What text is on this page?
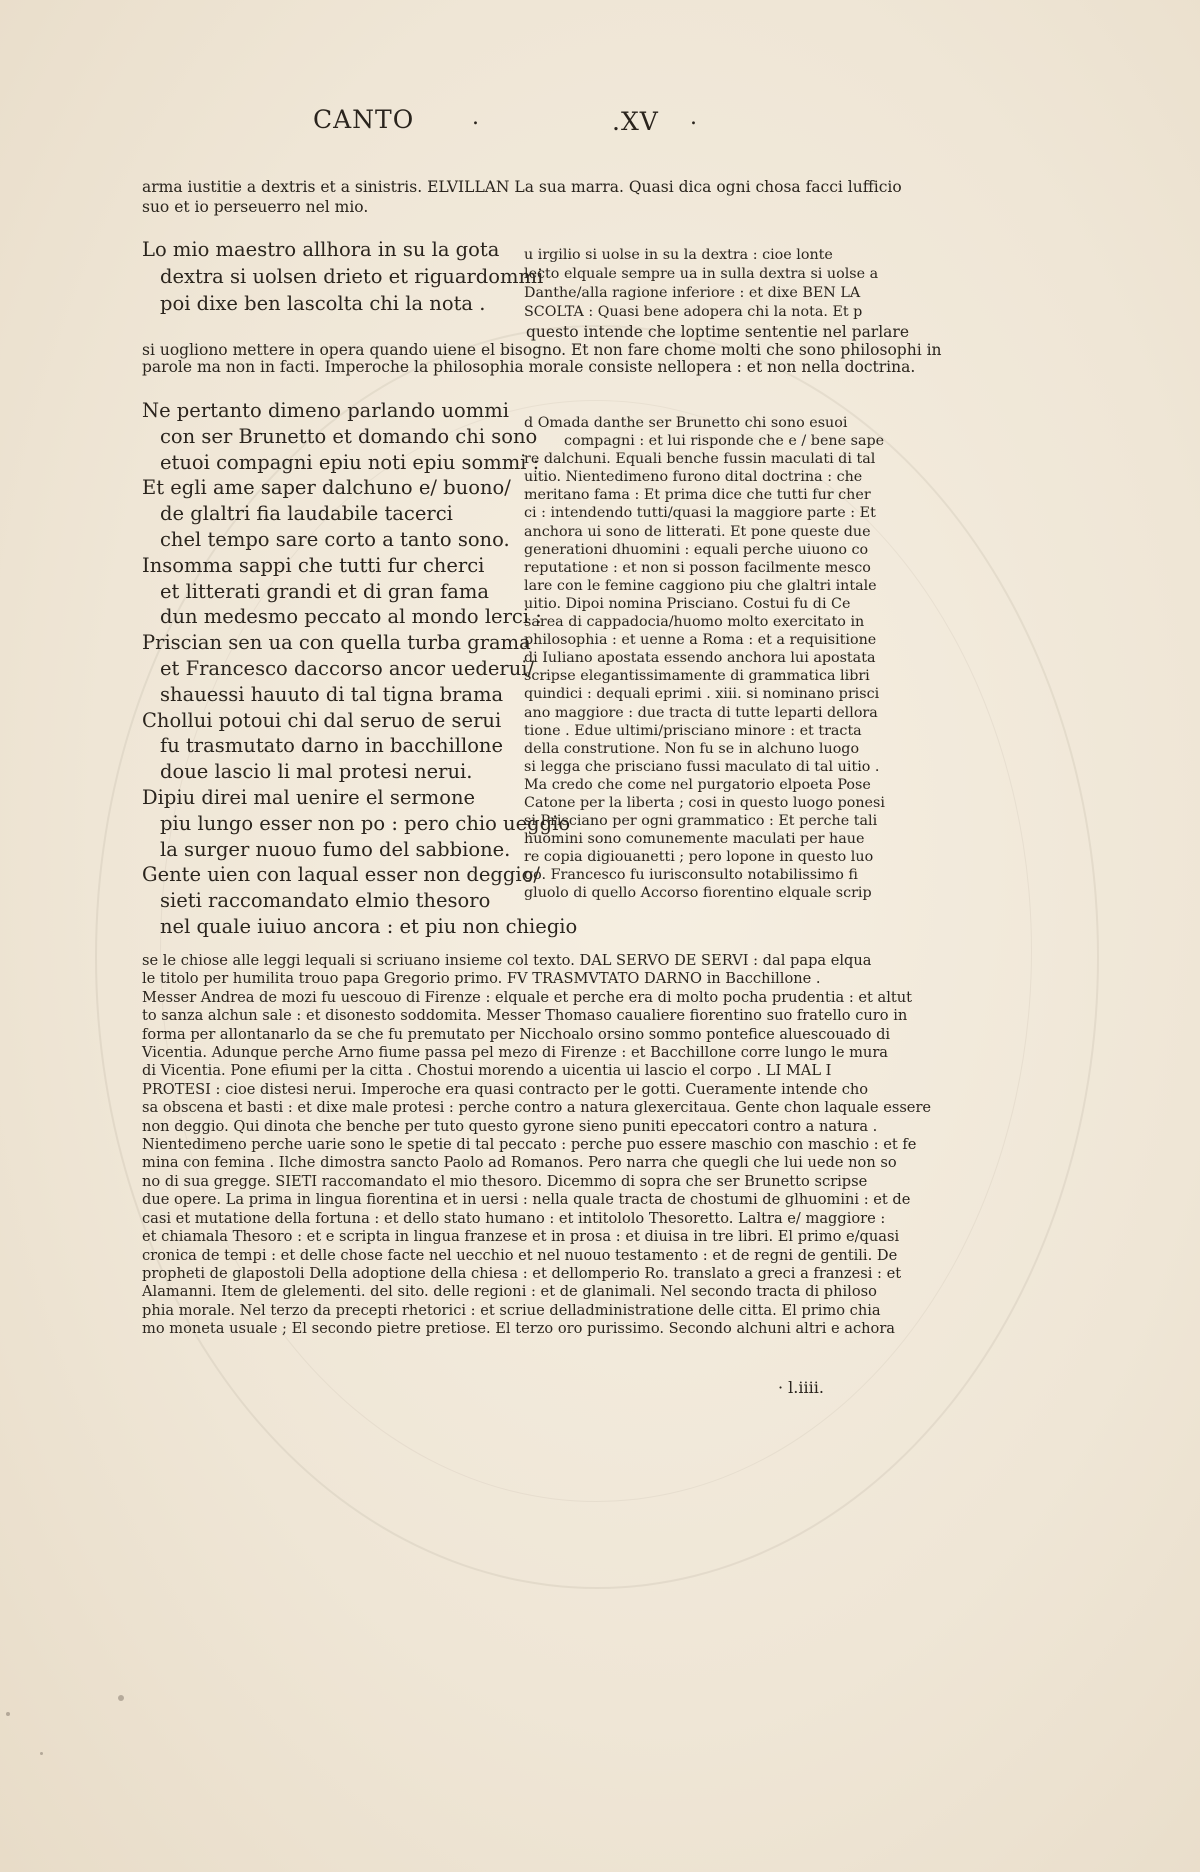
CANTO	.	.XV .
arma iustitie a dextris et a sinistris. ELVILLAN La sua marra. Quasi dica ogni chosa facci lufficio
suo et io perseuerro nel mio.
Lo mio maestro allhora in su la gota
dextra si uolsen drieto et riguardommi
poi dixe ben lascolta chi la nota .
u irgilio si uolse in su la dextra : cioe lonte
lecto elquale sempre ua in sulla dextra si uolse a
Danthe/alla ragione inferiore : et dixe BEN LA
SCOLTA : Quasi bene adopera chi la nota. Et p
questo intende che loptime sententie nel parlare
si uogliono mettere in opera quando uiene el bisogno. Et non fare chome molti che sono philosophi in
parole ma non in facti. Imperoche la philosophia morale consiste nellopera : et non nella doctrina.
Ne pertanto dimeno parlando uommi
con ser Brunetto et domando chi sono
etuoi compagni epiu noti epiu sommi :
Et egli ame saper dalchuno e/ buono/
de glaltri fia laudabile tacerci
chel tempo sare corto a tanto sono.
Insomma sappi che tutti fur cherci
et litterati grandi et di gran fama
dun medesmo peccato al mondo lerci :
Priscian sen ua con quella turba grama
et Francesco daccorso ancor uederui/
shauessi hauuto di tal tigna brama
Chollui potoui chi dal seruo de serui
fu trasmutato darno in bacchillone
doue lascio li mal protesi nerui.
Dipiu direi mal uenire el sermone
piu lungo esser non po : pero chio ueggio
la surger nuouo fumo del sabbione.
Gente uien con laqual esser non deggio/
sieti raccomandato elmio thesoro
nel quale iuiuo ancora : et piu non chiegio
d Omada danthe ser Brunetto chi sono esuoi
compagni : et lui risponde che e / bene sape
re dalchuni. Equali benche fussin maculati di tal
uitio. Nientedimeno furono dital doctrina : che
meritano fama : Et prima dice che tutti fur cher
ci : intendendo tutti/quasi la maggiore parte : Et
anchora ui sono de litterati. Et pone queste due
generationi dhuomini : equali perche uiuono co
reputatione : et non si posson facilmente mesco
lare con le femine caggiono piu che glaltri intale
uitio. Dipoi nomina Prisciano. Costui fu di Ce
sarea di cappadocia/huomo molto exercitato in
philosophia : et uenne a Roma : et a requisitione
di Iuliano apostata essendo anchora lui apostata
scripse elegantissimamente di grammatica libri
quindici : dequali eprimi . xiii. si nominano prisci
ano maggiore : due tracta di tutte leparti dellora
tione . Edue ultimi/prisciano minore : et tracta
della construtione. Non fu se in alchuno luogo
si legga che prisciano fussi maculato di tal uitio .
Ma credo che come nel purgatorio elpoeta Pose
Catone per la liberta ; cosi in questo luogo ponesi
si Prisciano per ogni grammatico : Et perche tali
huomini sono comunemente maculati per haue
re copia digiouanetti ; pero lopone in questo luo
go. Francesco fu iurisconsulto notabilissimo fi
gluolo di quello Accorso fiorentino elquale scrip
se le chiose alle leggi lequali si scriuano insieme col texto. DAL SERVO DE SERVI : dal papa elqua
le titolo per humilita trouo papa Gregorio primo. FV TRASMVTATO DARNO in Bacchillone .
Messer Andrea de mozi fu uescouo di Firenze : elquale et perche era di molto pocha prudentia : et altut
to sanza alchun sale : et disonesto soddomita. Messer Thomaso caualiere fiorentino suo fratello curo in
forma per allontanarlo da se che fu premutato per Nicchoalo orsino sommo pontefice aluescouado di
Vicentia. Adunque perche Arno fiume passa pel mezo di Firenze : et Bacchillone corre lungo le mura
di Vicentia. Pone efiumi per la citta . Chostui morendo a uicentia ui lascio el corpo . LI MAL I
PROTESI : cioe distesi nerui. Imperoche era quasi contracto per le gotti. Cueramente intende cho
sa obscena et basti : et dixe male protesi : perche contro a natura glexercitaua. Gente chon laquale essere
non deggio. Qui dinota che benche per tuto questo gyrone sieno puniti epeccatori contro a natura .
Nientedimeno perche uarie sono le spetie di tal peccato : perche puo essere maschio con maschio : et fe
mina con femina . Ilche dimostra sancto Paolo ad Romanos. Pero narra che quegli che lui uede non so
no di sua gregge. SIETI raccomandato el mio thesoro. Dicemmo di sopra che ser Brunetto scripse
due opere. La prima in lingua fiorentina et in uersi : nella quale tracta de chostumi de glhuomini : et de
casi et mutatione della fortuna : et dello stato humano : et intitololo Thesoretto. Laltra e/ maggiore :
et chiamala Thesoro : et e scripta in lingua franzese et in prosa : et diuisa in tre libri. El primo e/quasi
cronica de tempi : et delle chose facte nel uecchio et nel nuouo testamento : et de regni de gentili. De
propheti de glapostoli Della adoptione della chiesa : et dellomperio Ro. translato a greci a franzesi : et
Alamanni. Item de glelementi. del sito. delle regioni : et de glanimali. Nel secondo tracta di philoso
phia morale. Nel terzo da precepti rhetorici : et scriue delladministratione delle citta. El primo chia
mo moneta usuale ; El secondo pietre pretiose. El terzo oro purissimo. Secondo alchuni altri e achora
· l.iiii.
